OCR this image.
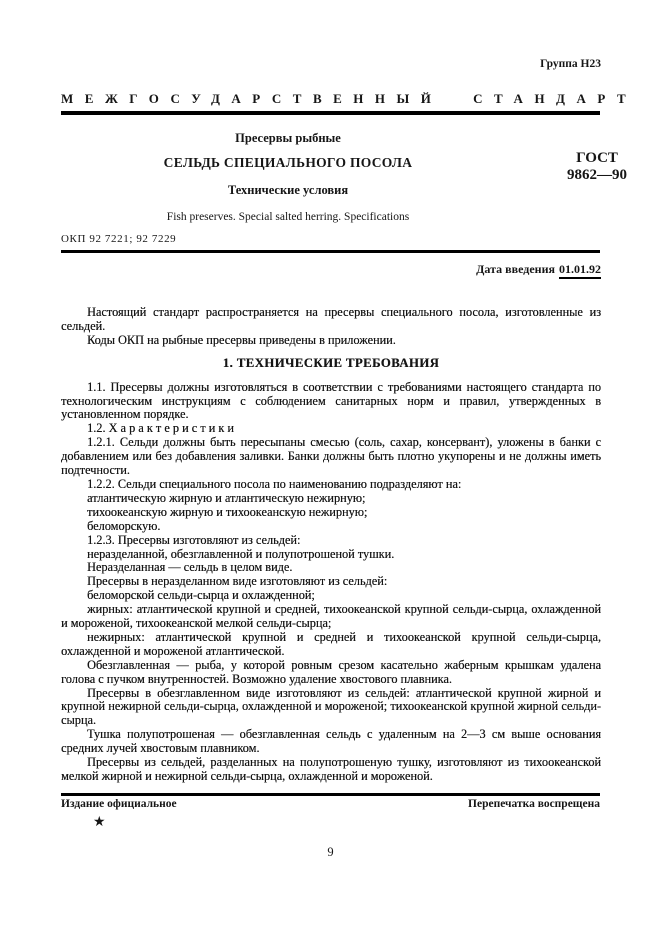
Группа Н23
МЕЖГОСУДАРСТВЕННЫЙ СТАНДАРТ
Пресервы рыбные
СЕЛЬДЬ СПЕЦИАЛЬНОГО ПОСОЛА
Технические условия
Fish preserves. Special salted herring. Specifications
ГОСТ
9862—90
ОКП 92 7221; 92 7229
Дата введения 01.01.92

Настоящий стандарт распространяется на пресервы специального посола, изготовленные из сельдей.

Коды ОКП на рыбные пресервы приведены в приложении.

1. ТЕХНИЧЕСКИЕ ТРЕБОВАНИЯ

1.1. Пресервы должны изготовляться в соответствии с требованиями настоящего стандарта по технологическим инструкциям с соблюдением санитарных норм и правил, утвержденных в установленном порядке.

1.2. Х а р а к т е р и с т и к и

1.2.1. Сельди должны быть пересыпаны смесью (соль, сахар, консервант), уложены в банки с добавлением или без добавления заливки. Банки должны быть плотно укупорены и не должны иметь подтечности.

1.2.2. Сельди специального посола по наименованию подразделяют на:

атлантическую жирную и атлантическую нежирную;

тихоокеанскую жирную и тихоокеанскую нежирную;

беломорскую.

1.2.3. Пресервы изготовляют из сельдей:

неразделанной, обезглавленной и полупотрошеной тушки.

Неразделанная — сельдь в целом виде.

Пресервы в неразделанном виде изготовляют из сельдей:

беломорской сельди-сырца и охлажденной;

жирных: атлантической крупной и средней, тихоокеанской крупной сельди-сырца, охлажденной и мороженой, тихоокеанской мелкой сельди-сырца;

нежирных: атлантической крупной и средней и тихоокеанской крупной сельди-сырца, охлажденной и мороженой атлантической.

Обезглавленная — рыба, у которой ровным срезом касательно жаберным крышкам удалена голова с пучком внутренностей. Возможно удаление хвостового плавника.

Пресервы в обезглавленном виде изготовляют из сельдей: атлантической крупной жирной и крупной нежирной сельди-сырца, охлажденной и мороженой; тихоокеанской крупной жирной сельди-сырца.

Тушка полупотрошеная — обезглавленная сельдь с удаленным на 2—3 см выше основания средних лучей хвостовым плавником.

Пресервы из сельдей, разделанных на полупотрошеную тушку, изготовляют из тихоокеанской мелкой жирной и нежирной сельди-сырца, охлажденной и мороженой.

Издание официальное	Перепечатка воспрещена
★
9
